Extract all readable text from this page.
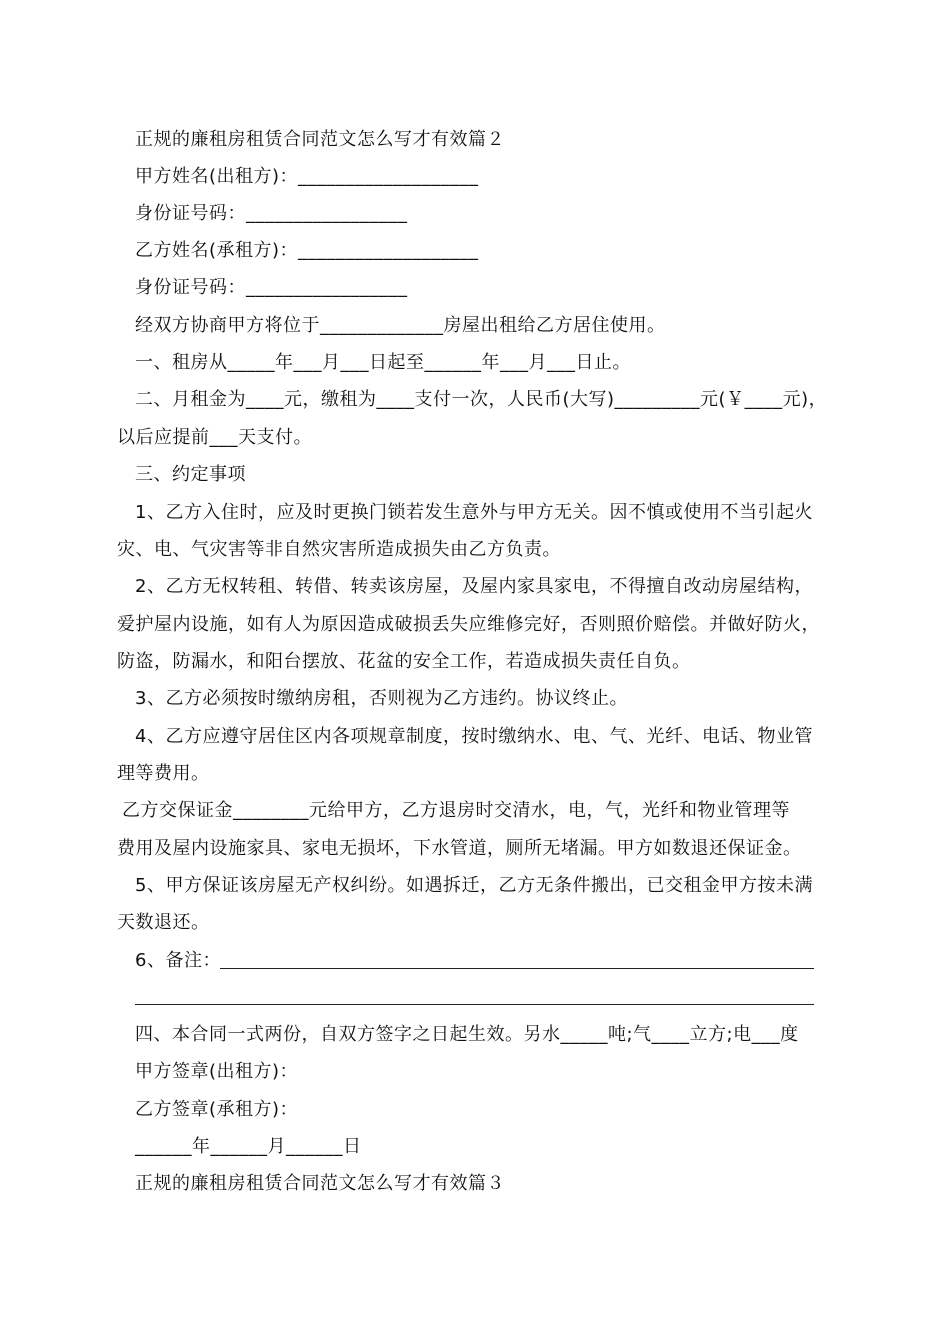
正规的廉租房租赁合同范文怎么写才有效篇２
甲方姓名(出租方)：___________________
身份证号码：_________________
乙方姓名(承租方)：___________________
身份证号码：_________________
经双方协商甲方将位于_____________房屋出租给乙方居住使用。
一、租房从_____年___月___日起至______年___月___日止。
二、月租金为____元，缴租为____支付一次，人民币(大写)_________元(￥____元)，
以后应提前___天支付。
三、约定事项
1、乙方入住时，应及时更换门锁若发生意外与甲方无关。因不慎或使用不当引起火
灾、电、气灾害等非自然灾害所造成损失由乙方负责。
2、乙方无权转租、转借、转卖该房屋，及屋内家具家电，不得擅自改动房屋结构，
爱护屋内设施，如有人为原因造成破损丢失应维修完好，否则照价赔偿。并做好防火，
防盗，防漏水，和阳台摆放、花盆的安全工作，若造成损失责任自负。
3、乙方必须按时缴纳房租，否则视为乙方违约。协议终止。
4、乙方应遵守居住区内各项规章制度，按时缴纳水、电、气、光纤、电话、物业管
理等费用。
乙方交保证金________元给甲方，乙方退房时交清水，电，气，光纤和物业管理等
费用及屋内设施家具、家电无损坏，下水管道，厕所无堵漏。甲方如数退还保证金。
5、甲方保证该房屋无产权纠纷。如遇拆迁，乙方无条件搬出，已交租金甲方按未满
天数退还。
6、备注：
四、本合同一式两份，自双方签字之日起生效。另水_____吨;气____立方;电___度
甲方签章(出租方)：
乙方签章(承租方)：
______年______月______日
正规的廉租房租赁合同范文怎么写才有效篇３
